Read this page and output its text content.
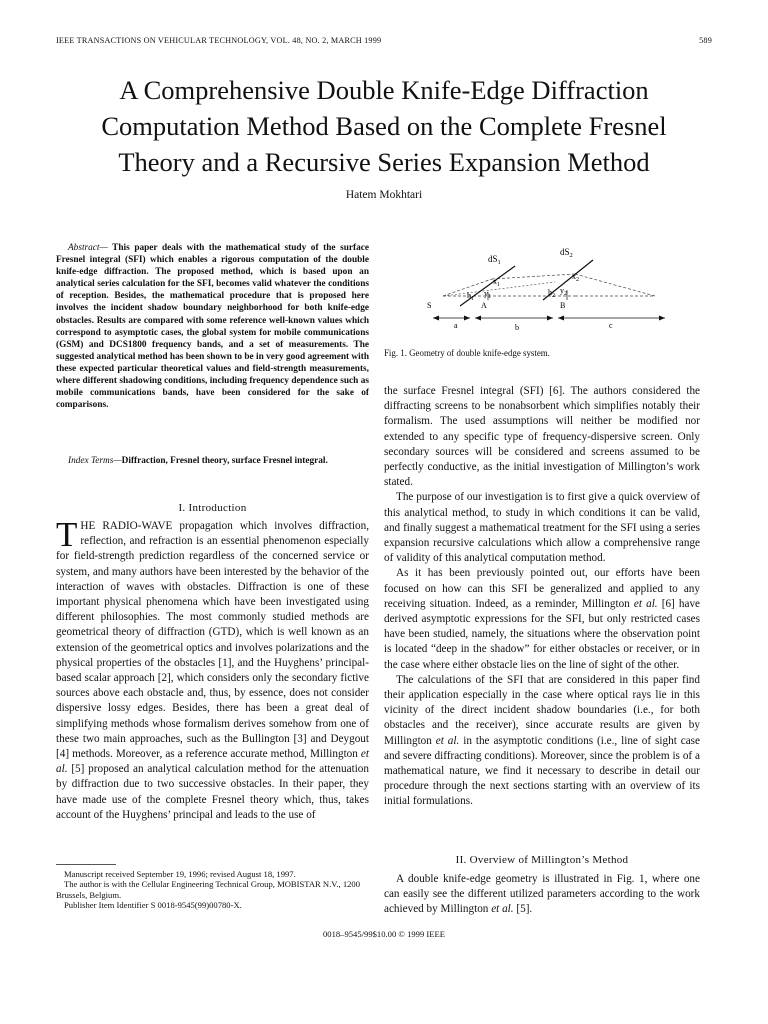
IEEE TRANSACTIONS ON VEHICULAR TECHNOLOGY, VOL. 48, NO. 2, MARCH 1999	589
A Comprehensive Double Knife-Edge Diffraction
Computation Method Based on the Complete Fresnel
Theory and a Recursive Series Expansion Method
Hatem Mokhtari

Abstract— This paper deals with the mathematical study of the surface Fresnel integral (SFI) which enables a rigorous computation of the double knife-edge diffraction. The proposed method, which is based upon an analytical series calculation for the SFI, becomes valid whatever the conditions of reception. Besides, the mathematical procedure that is proposed here involves the incident shadow boundary neighborhood for both knife-edge obstacles. Results are compared with some reference well-known values which correspond to asymptotic cases, the global system for mobile communications (GSM) and DCS1800 frequency bands, and a set of measurements. The suggested analytical method has been shown to be in very good agreement with these expected particular theoretical values and field-strength measurements, where different shadowing conditions, including frequency dependence such as mobile communications bands, have been considered for the sake of comparisons.

Index Terms—Diffraction, Fresnel theory, surface Fresnel integral.

I. Introduction

THE RADIO-WAVE propagation which involves diffraction, reflection, and refraction is an essential phenomenon especially for field-strength prediction regardless of the concerned service or system, and many authors have been interested by the behavior of the interaction of waves with obstacles. Diffraction is one of these important physical phenomena which have been investigated using different philosophies. The most commonly studied methods are geometrical theory of diffraction (GTD), which is well known as an extension of the geometrical optics and involves polarizations and the physical properties of the obstacles [1], and the Huyghens’ principal-based scalar approach [2], which considers only the secondary fictive sources above each obstacle and, thus, by essence, does not consider dispersive lossy edges. Besides, there has been a great deal of simplifying methods whose formalism derives somehow from one of these two main approaches, such as the Bullington [3] and Deygout [4] methods. Moreover, as a reference accurate method, Millington et al. [5] proposed an analytical calculation method for the attenuation by diffraction due to two successive obstacles. In their paper, they have made use of the complete Fresnel theory which, thus, takes account of the Huyghens’ principal and leads to the use of

Manuscript received September 19, 1996; revised August 18, 1997.

The author is with the Cellular Engineering Technical Group, MOBISTAR N.V., 1200 Brussels, Belgium.

Publisher Item Identifier S 0018-9545(99)00780-X.

$dS_1$
$dS_2$
$x_1$
$x_2$
$h_1$
$y_1$	$h_2$
$y_2$
S	A	B
a	b	c
Fig. 1. Geometry of double knife-edge system.

the surface Fresnel integral (SFI) [6]. The authors considered the diffracting screens to be nonabsorbent which simplifies notably their formalism. The used assumptions will neither be modified nor extended to any specific type of frequency-dispersive screen. Only secondary sources will be considered and screens assumed to be perfectly conductive, as the initial investigation of Millington’s work stated.

The purpose of our investigation is to first give a quick overview of this analytical method, to study in which conditions it can be valid, and finally suggest a mathematical treatment for the SFI using a series expansion recursive calculations which allow a comprehensive range of validity of this analytical computation method.

As it has been previously pointed out, our efforts have been focused on how can this SFI be generalized and applied to any receiving situation. Indeed, as a reminder, Millington et al. [6] have derived asymptotic expressions for the SFI, but only restricted cases have been studied, namely, the situations where the observation point is located “deep in the shadow” for either obstacles or receiver, or in the case where either obstacle lies on the line of sight of the other.

The calculations of the SFI that are considered in this paper find their application especially in the case where optical rays lie in this vicinity of the direct incident shadow boundaries (i.e., for both obstacles and the receiver), since accurate results are given by Millington et al. in the asymptotic conditions (i.e., line of sight case and severe diffracting conditions). Moreover, since the problem is of a mathematical nature, we find it necessary to describe in detail our procedure through the next sections starting with an overview of its initial formulations.

II. Overview of Millington’s Method

A double knife-edge geometry is illustrated in Fig. 1, where one can easily see the different utilized parameters according to the work achieved by Millington et al. [5].

0018–9545/99$10.00 © 1999 IEEE
